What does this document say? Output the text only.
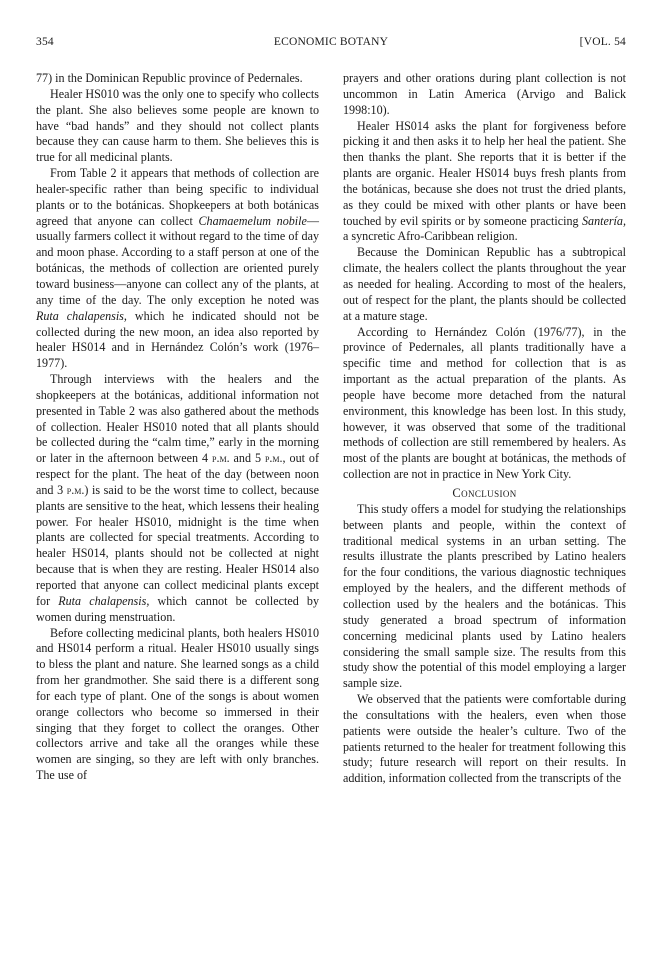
354	ECONOMIC BOTANY	[VOL. 54

77) in the Dominican Republic province of Pedernales.

Healer HS010 was the only one to specify who collects the plant. She also believes some people are known to have “bad hands” and they should not collect plants because they can cause harm to them. She believes this is true for all medicinal plants.

From Table 2 it appears that methods of collection are healer-specific rather than being specific to individual plants or to the botánicas. Shopkeepers at both botánicas agreed that anyone can collect Chamaemelum nobile—usually farmers collect it without regard to the time of day and moon phase. According to a staff person at one of the botánicas, the methods of collection are oriented purely toward business—anyone can collect any of the plants, at any time of the day. The only exception he noted was Ruta chalapensis, which he indicated should not be collected during the new moon, an idea also reported by healer HS014 and in Hernández Colón’s work (1976–1977).

Through interviews with the healers and the shopkeepers at the botánicas, additional information not presented in Table 2 was also gathered about the methods of collection. Healer HS010 noted that all plants should be collected during the “calm time,” early in the morning or later in the afternoon between 4 p.m. and 5 p.m., out of respect for the plant. The heat of the day (between noon and 3 p.m.) is said to be the worst time to collect, because plants are sensitive to the heat, which lessens their healing power. For healer HS010, midnight is the time when plants are collected for special treatments. According to healer HS014, plants should not be collected at night because that is when they are resting. Healer HS014 also reported that anyone can collect medicinal plants except for Ruta chalapensis, which cannot be collected by women during menstruation.

Before collecting medicinal plants, both healers HS010 and HS014 perform a ritual. Healer HS010 usually sings to bless the plant and nature. She learned songs as a child from her grandmother. She said there is a different song for each type of plant. One of the songs is about women orange collectors who become so immersed in their singing that they forget to collect the oranges. Other collectors arrive and take all the oranges while these women are singing, so they are left with only branches. The use of

prayers and other orations during plant collection is not uncommon in Latin America (Arvigo and Balick 1998:10).

Healer HS014 asks the plant for forgiveness before picking it and then asks it to help her heal the patient. She then thanks the plant. She reports that it is better if the plants are organic. Healer HS014 buys fresh plants from the botánicas, because she does not trust the dried plants, as they could be mixed with other plants or have been touched by evil spirits or by someone practicing Santería, a syncretic Afro-Caribbean religion.

Because the Dominican Republic has a subtropical climate, the healers collect the plants throughout the year as needed for healing. According to most of the healers, out of respect for the plant, the plants should be collected at a mature stage.

According to Hernández Colón (1976/77), in the province of Pedernales, all plants traditionally have a specific time and method for collection that is as important as the actual preparation of the plants. As people have become more detached from the natural environment, this knowledge has been lost. In this study, however, it was observed that some of the traditional methods of collection are still remembered by healers. As most of the plants are bought at botánicas, the methods of collection are not in practice in New York City.

Conclusion

This study offers a model for studying the relationships between plants and people, within the context of traditional medical systems in an urban setting. The results illustrate the plants prescribed by Latino healers for the four conditions, the various diagnostic techniques employed by the healers, and the different methods of collection used by the healers and the botánicas. This study generated a broad spectrum of information concerning medicinal plants used by Latino healers considering the small sample size. The results from this study show the potential of this model employing a larger sample size.

We observed that the patients were comfortable during the consultations with the healers, even when those patients were outside the healer’s culture. Two of the patients returned to the healer for treatment following this study; future research will report on their results. In addition, information collected from the transcripts of the
